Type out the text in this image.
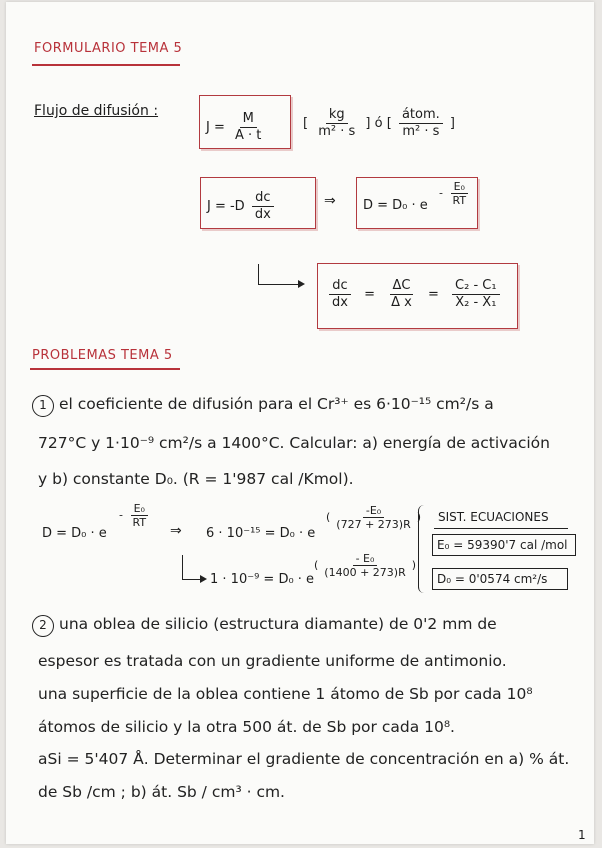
FORMULARIO TEMA 5
Flujo de difusión :
$J = \frac{M}{A \cdot t}$	[ $\frac{kg}{\text{m² · s}}$ ] ó [ $\frac{\text{átom.}}{\text{m² · s}}$ ]
$J = -D \frac{dc}{dx}$	⇒ D = D₀ · e
- $\frac{\text{E₀}}{RT}$
$\frac{dc}{dx} = \frac{\Delta C}{\text{Δ x}} = \frac{\text{C₂ - C₁}}{\text{X₂ - X₁}}$
PROBLEMAS TEMA 5
1 el coeficiente de difusión para el Cr³⁺ es 6·10⁻¹⁵ cm²/s a
727°C y 1·10⁻⁹ cm²/s a 1400°C. Calcular: a) energía de activación
y b) constante D₀. (R = 1'987 cal /Kmol).
D = D₀ · e
- $\frac{\text{E₀}}{RT}$
⇒ 6 · 10⁻¹⁵ = D₀ · e
( $\frac{\text{-E₀}}{(727 + 273)R}$ )
1 · 10⁻⁹ = D₀ · e
( $\frac{\text{- E₀}}{(1400 + 273)R}$ )
SIST. ECUACIONES
E₀ = 59390'7 cal /mol
D₀ = 0'0574 cm²/s
2 una oblea de silicio (estructura diamante) de 0'2 mm de
espesor es tratada con un gradiente uniforme de antimonio.
una superficie de la oblea contiene 1 átomo de Sb por cada 10⁸
átomos de silicio y la otra 500 át. de Sb por cada 10⁸.
aSi = 5'407 Å. Determinar el gradiente de concentración en a) % át.
de Sb /cm ; b) át. Sb / cm³ · cm.
1
